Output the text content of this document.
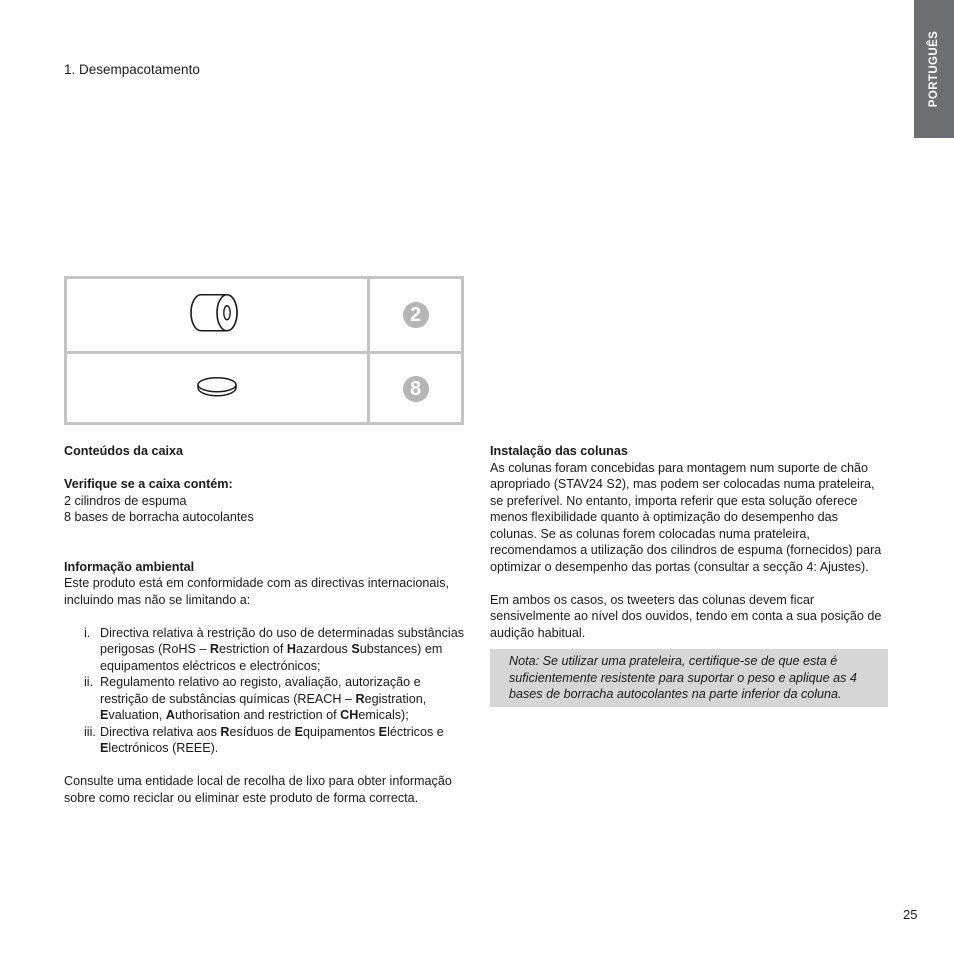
PORTUGUÊS
1. Desempacotamento
2
8

Conteúdos da caixa

Verifique se a caixa contém:

2 cilindros de espuma

8 bases de borracha autocolantes

Informação ambiental

Este produto está em conformidade com as directivas internacionais, incluindo mas não se limitando a:

i. Directiva relativa à restrição do uso de determinadas substâncias perigosas (RoHS – Restriction of Hazardous Substances) em equipamentos eléctricos e electrónicos;
ii. Regulamento relativo ao registo, avaliação, autorização e restrição de substâncias químicas (REACH – Registration, Evaluation, Authorisation and restriction of CHemicals);
iii. Directiva relativa aos Resíduos de Equipamentos Eléctricos e Electrónicos (REEE).

Consulte uma entidade local de recolha de lixo para obter informação sobre como reciclar ou eliminar este produto de forma correcta.

Instalação das colunas

As colunas foram concebidas para montagem num suporte de chão apropriado (STAV24 S2), mas podem ser colocadas numa prateleira, se preferível. No entanto, importa referir que esta solução oferece menos flexibilidade quanto à optimização do desempenho das colunas. Se as colunas forem colocadas numa prateleira, recomendamos a utilização dos cilindros de espuma (fornecidos) para optimizar o desempenho das portas (consultar a secção 4: Ajustes).

Em ambos os casos, os tweeters das colunas devem ficar sensivelmente ao nível dos ouvidos, tendo em conta a sua posição de audição habitual.

Nota: Se utilizar uma prateleira, certifique-se de que esta é suficientemente resistente para suportar o peso e aplique as 4 bases de borracha autocolantes na parte inferior da coluna.

25
